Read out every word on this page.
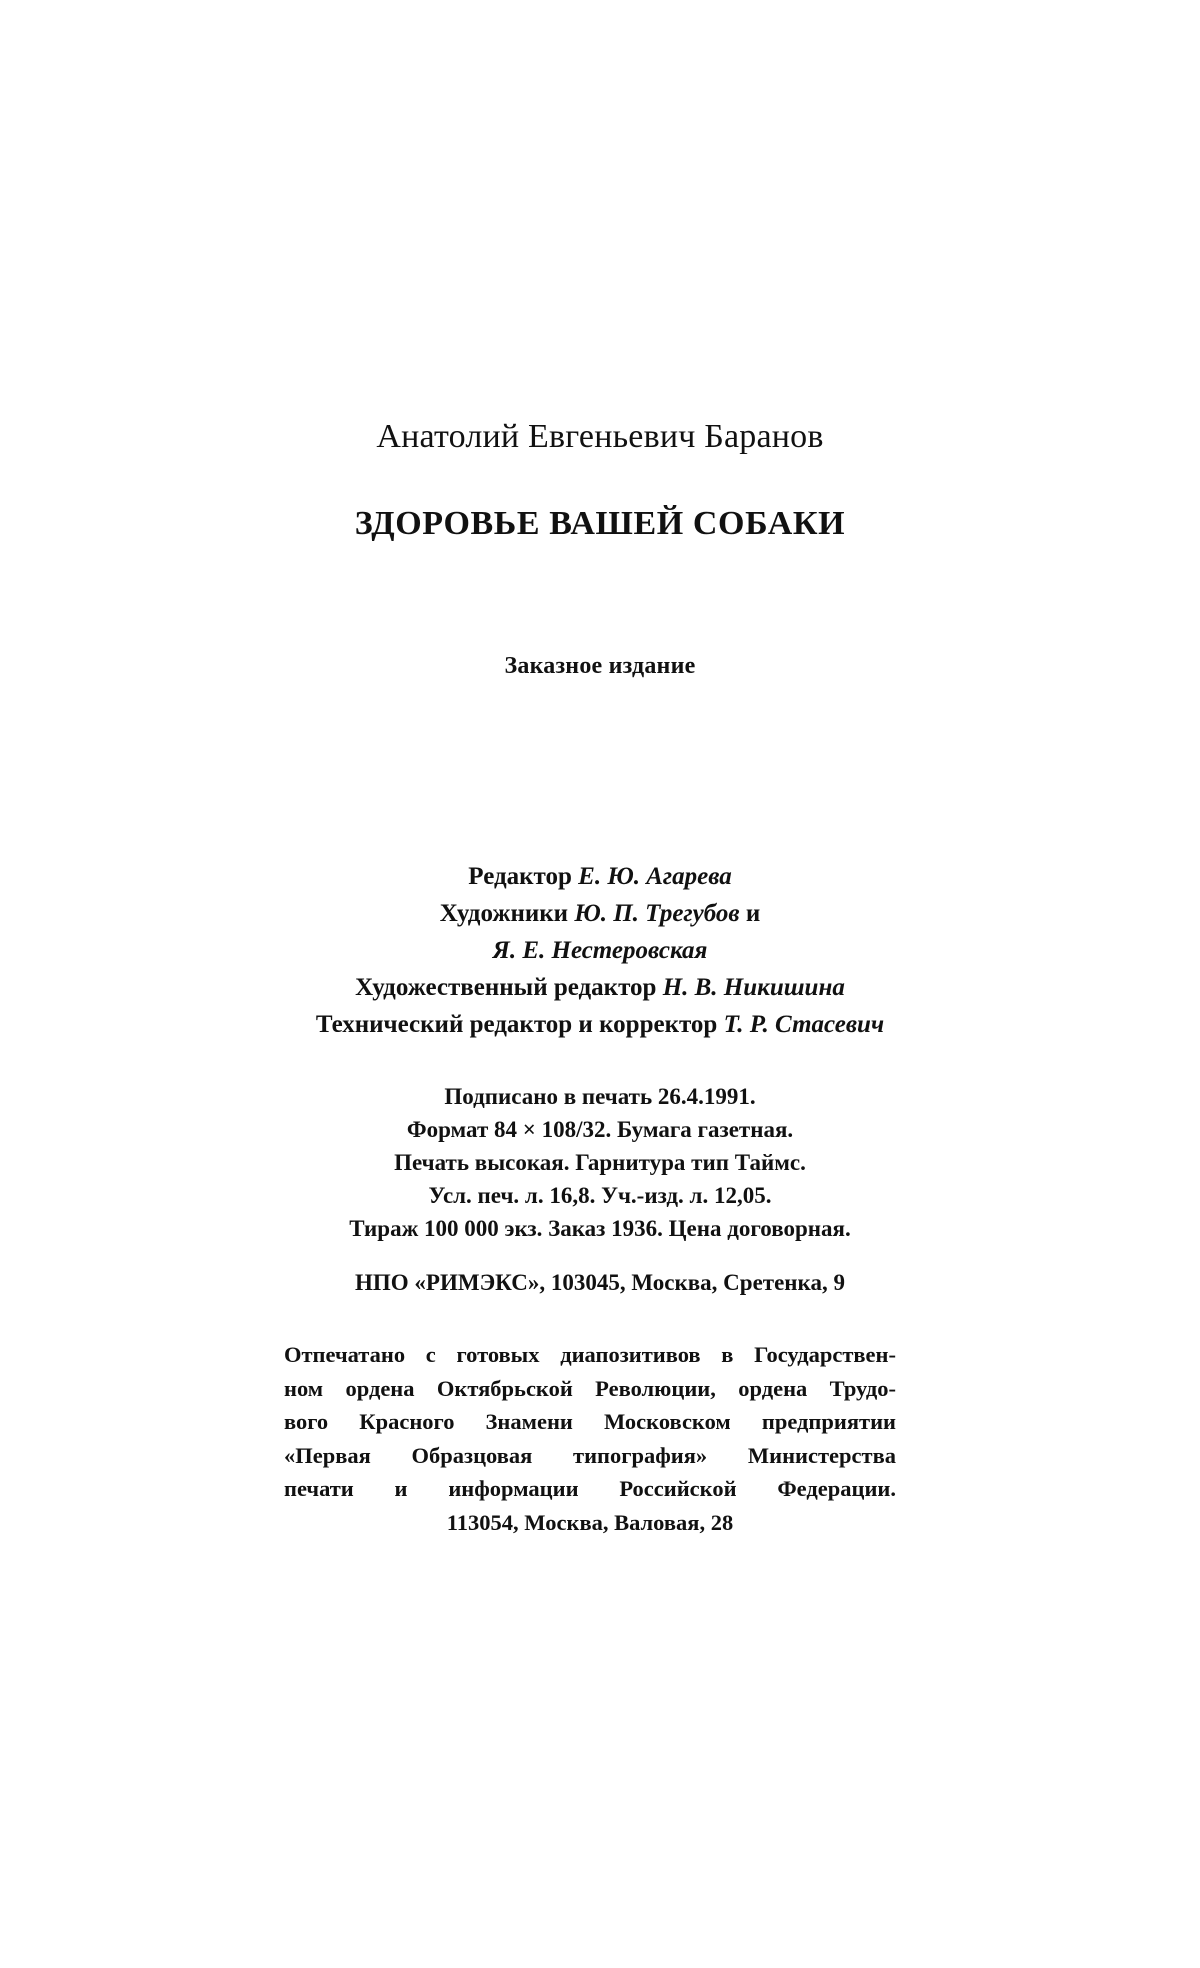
Анатолий Евгеньевич Баранов
ЗДОРОВЬЕ ВАШЕЙ СОБАКИ
Заказное издание
Редактор Е. Ю. Агарева
Художники Ю. П. Трегубов и
Я. Е. Нестеровская
Художественный редактор Н. В. Никишина
Технический редактор и корректор Т. Р. Стасевич
Подписано в печать 26.4.1991.
Формат 84 × 108/32. Бумага газетная.
Печать высокая. Гарнитура тип Таймс.
Усл. печ. л. 16,8. Уч.-изд. л. 12,05.
Тираж 100 000 экз. Заказ 1936. Цена договорная.
НПО «РИМЭКС», 103045, Москва, Сретенка, 9
Отпечатано с готовых диапозитивов в Государствен-
ном ордена Октябрьской Революции, ордена Трудо-
вого Красного Знамени Московском предприятии
«Первая Образцовая типография» Министерства
печати и информации Российской Федерации.
113054, Москва, Валовая, 28
